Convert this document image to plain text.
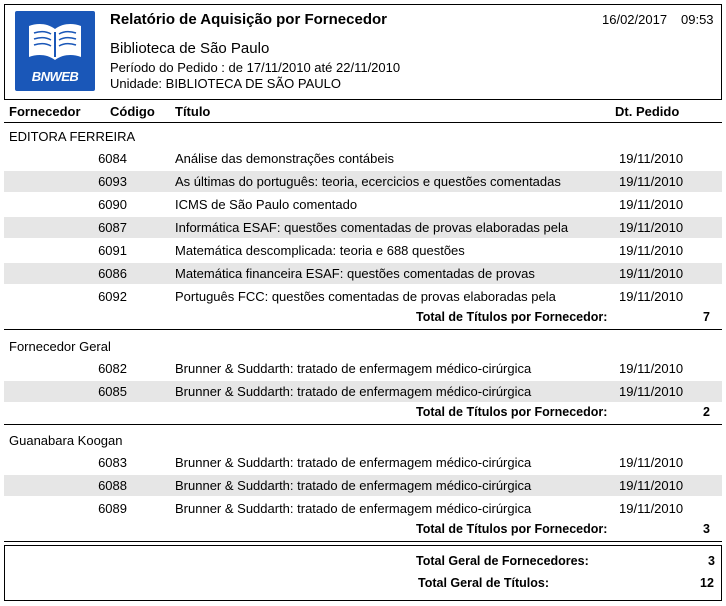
BNWEB
Relatório de Aquisição por Fornecedor	16/02/2017 09:53
Biblioteca de São Paulo
Período do Pedido : de 17/11/2010 até 22/11/2010
Unidade: BIBLIOTECA DE SÃO PAULO
Fornecedor Código Título	Dt. Pedido
EDITORA FERREIRA
6084	Análise das demonstrações contábeis	19/11/2010
6093	As últimas do português: teoria, ecercicios e questões comentadas	19/11/2010
6090	ICMS de São Paulo comentado	19/11/2010
6087	Informática ESAF: questões comentadas de provas elaboradas pela	19/11/2010
6091	Matemática descomplicada: teoria e 688 questões	19/11/2010
6086	Matemática financeira ESAF: questões comentadas de provas	19/11/2010
6092	Português FCC: questões comentadas de provas elaboradas pela	19/11/2010
Total de Títulos por Fornecedor:	7
Fornecedor Geral
6082	Brunner & Suddarth: tratado de enfermagem médico-cirúrgica	19/11/2010
6085	Brunner & Suddarth: tratado de enfermagem médico-cirúrgica	19/11/2010
Total de Títulos por Fornecedor:	2
Guanabara Koogan
6083	Brunner & Suddarth: tratado de enfermagem médico-cirúrgica	19/11/2010
6088	Brunner & Suddarth: tratado de enfermagem médico-cirúrgica	19/11/2010
6089	Brunner & Suddarth: tratado de enfermagem médico-cirúrgica	19/11/2010
Total de Títulos por Fornecedor:	3
Total Geral de Fornecedores:	3
Total Geral de Títulos:	12
